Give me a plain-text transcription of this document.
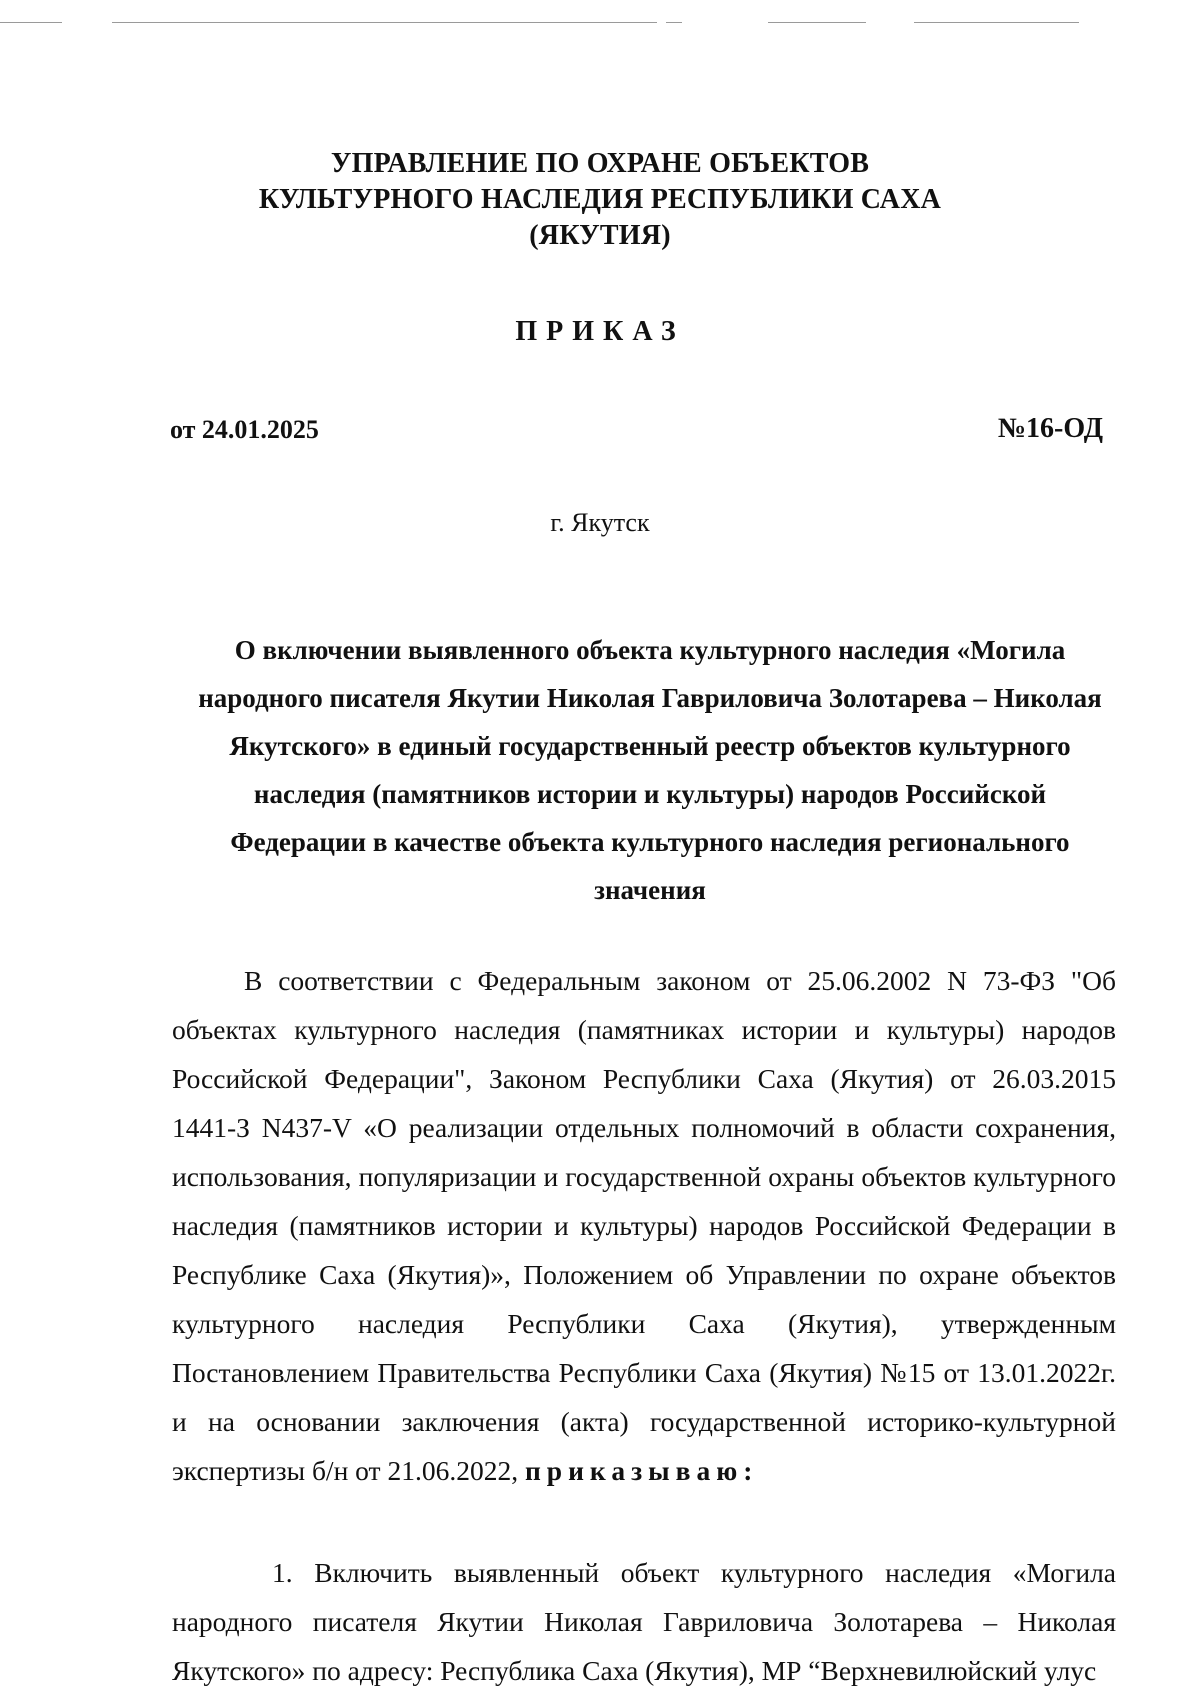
УПРАВЛЕНИЕ ПО ОХРАНЕ ОБЪЕКТОВ КУЛЬТУРНОГО НАСЛЕДИЯ РЕСПУБЛИКИ САХА (ЯКУТИЯ)
ПРИКАЗ
от 24.01.2025	№16-ОД
г. Якутск
О включении выявленного объекта культурного наследия «Могила народного писателя Якутии Николая Гавриловича Золотарева – Николая Якутского» в единый государственный реестр объектов культурного наследия (памятников истории и культуры) народов Российской Федерации в качестве объекта культурного наследия регионального значения
В соответствии с Федеральным законом от 25.06.2002 N 73-ФЗ "Об объектах культурного наследия (памятниках истории и культуры) народов Российской Федерации", Законом Республики Саха (Якутия) от 26.03.2015 1441-З N437-V «О реализации отдельных полномочий в области сохранения, использования, популяризации и государственной охраны объектов культурного наследия (памятников истории и культуры) народов Российской Федерации в Республике Саха (Якутия)», Положением об Управлении по охране объектов культурного наследия Республики Саха (Якутия), утвержденным Постановлением Правительства Республики Саха (Якутия) №15 от 13.01.2022г. и на основании заключения (акта) государственной историко-культурной экспертизы б/н от 21.06.2022, приказываю:
1. Включить выявленный объект культурного наследия «Могила народного писателя Якутии Николая Гавриловича Золотарева – Николая Якутского» по адресу: Республика Саха (Якутия), МР “Верхневилюйский улус
